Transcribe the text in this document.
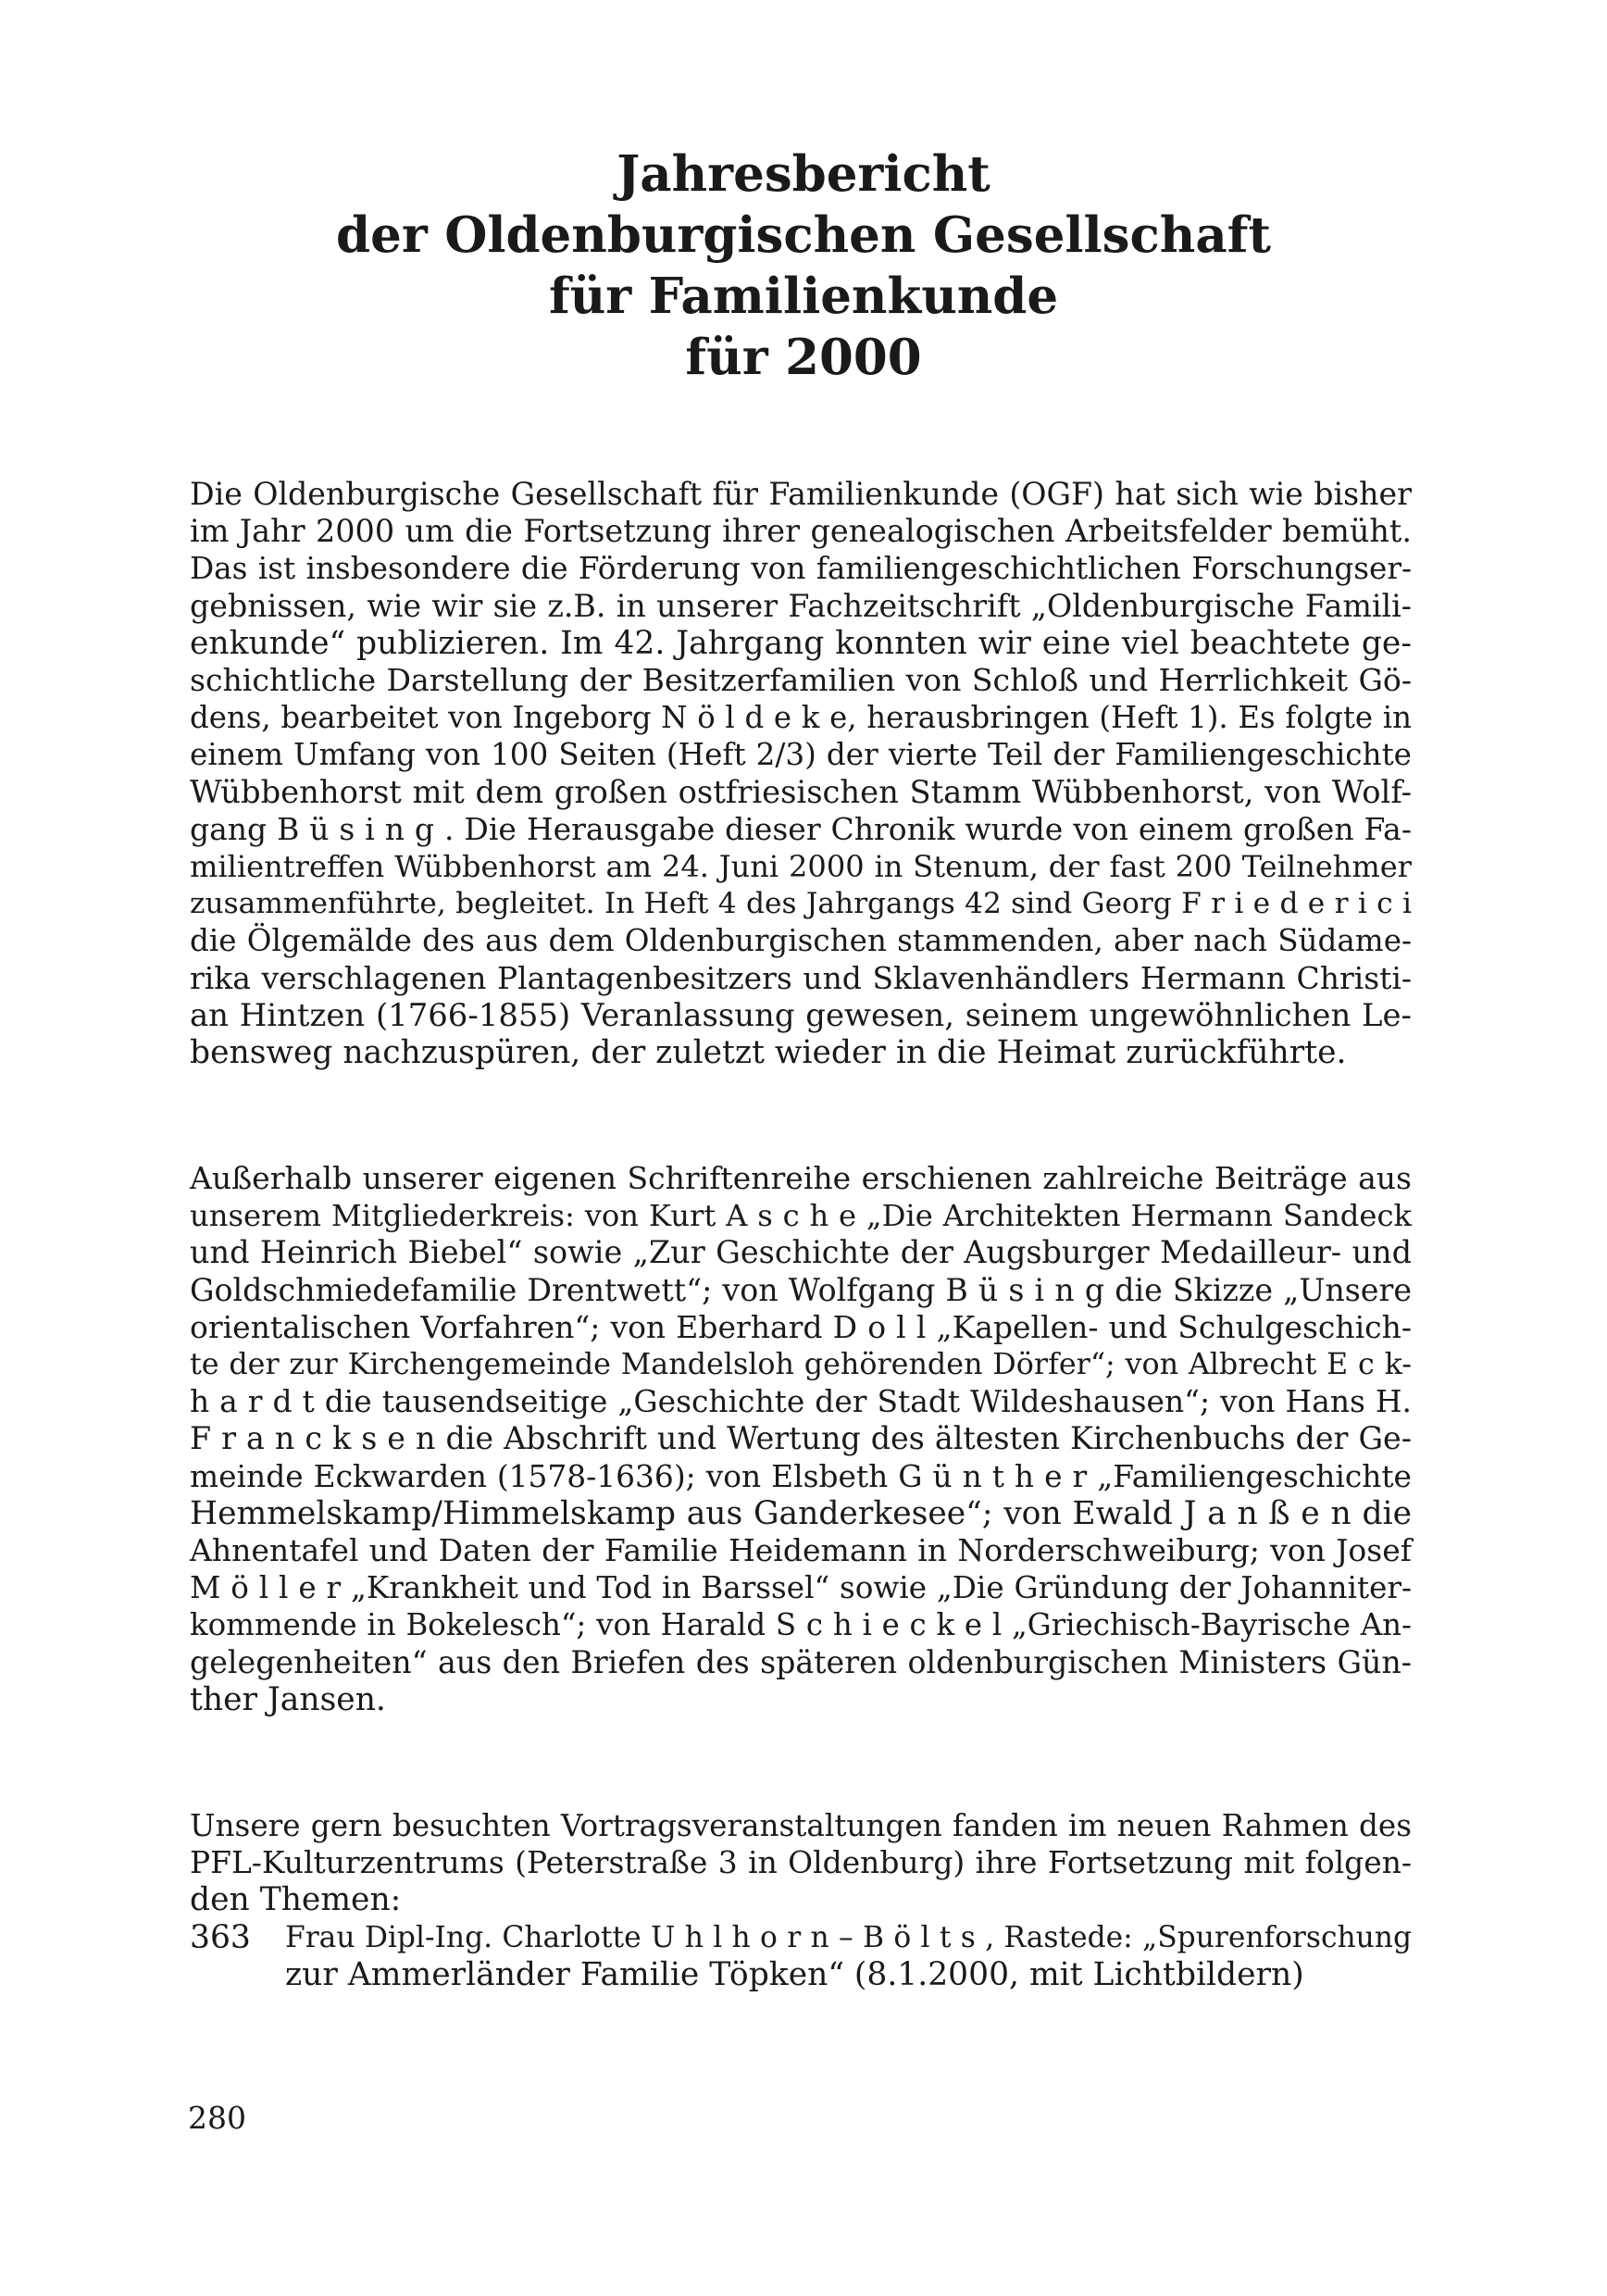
Jahresbericht
der Oldenburgischen Gesellschaft
für Familienkunde
für 2000
Die Oldenburgische Gesellschaft für Familienkunde (OGF) hat sich wie bisher
im Jahr 2000 um die Fortsetzung ihrer genealogischen Arbeitsfelder bemüht.
Das ist insbesondere die Förderung von familiengeschichtlichen Forschungser-
gebnissen, wie wir sie z.B. in unserer Fachzeitschrift „Oldenburgische Famili-
enkunde“ publizieren. Im 42. Jahrgang konnten wir eine viel beachtete ge-
schichtliche Darstellung der Besitzerfamilien von Schloß und Herrlichkeit Gö-
dens, bearbeitet von Ingeborg N ö l d e k e, herausbringen (Heft 1). Es folgte in
einem Umfang von 100 Seiten (Heft 2/3) der vierte Teil der Familiengeschichte
Wübbenhorst mit dem großen ostfriesischen Stamm Wübbenhorst, von Wolf-
gang B ü s i n g . Die Herausgabe dieser Chronik wurde von einem großen Fa-
milientreffen Wübbenhorst am 24. Juni 2000 in Stenum, der fast 200 Teilnehmer
zusammenführte, begleitet. In Heft 4 des Jahrgangs 42 sind Georg F r i e d e r i c i
die Ölgemälde des aus dem Oldenburgischen stammenden, aber nach Südame-
rika verschlagenen Plantagenbesitzers und Sklavenhändlers Hermann Christi-
an Hintzen (1766-1855) Veranlassung gewesen, seinem ungewöhnlichen Le-
bensweg nachzuspüren, der zuletzt wieder in die Heimat zurückführte.
Außerhalb unserer eigenen Schriftenreihe erschienen zahlreiche Beiträge aus
unserem Mitgliederkreis: von Kurt A s c h e „Die Architekten Hermann Sandeck
und Heinrich Biebel“ sowie „Zur Geschichte der Augsburger Medailleur- und
Goldschmiedefamilie Drentwett“; von Wolfgang B ü s i n g die Skizze „Unsere
orientalischen Vorfahren“; von Eberhard D o l l „Kapellen- und Schulgeschich-
te der zur Kirchengemeinde Mandelsloh gehörenden Dörfer“; von Albrecht E c k-
h a r d t die tausendseitige „Geschichte der Stadt Wildeshausen“; von Hans H.
F r a n c k s e n die Abschrift und Wertung des ältesten Kirchenbuchs der Ge-
meinde Eckwarden (1578-1636); von Elsbeth G ü n t h e r „Familiengeschichte
Hemmelskamp/Himmelskamp aus Ganderkesee“; von Ewald J a n ß e n die
Ahnentafel und Daten der Familie Heidemann in Norderschweiburg; von Josef
M ö l l e r „Krankheit und Tod in Barssel“ sowie „Die Gründung der Johanniter-
kommende in Bokelesch“; von Harald S c h i e c k e l „Griechisch-Bayrische An-
gelegenheiten“ aus den Briefen des späteren oldenburgischen Ministers Gün-
ther Jansen.
Unsere gern besuchten Vortragsveranstaltungen fanden im neuen Rahmen des
PFL-Kulturzentrums (Peterstraße 3 in Oldenburg) ihre Fortsetzung mit folgen-
den Themen:
363 Frau Dipl-Ing. Charlotte U h l h o r n – B ö l t s , Rastede: „Spurenforschung
zur Ammerländer Familie Töpken“ (8.1.2000, mit Lichtbildern)
280
